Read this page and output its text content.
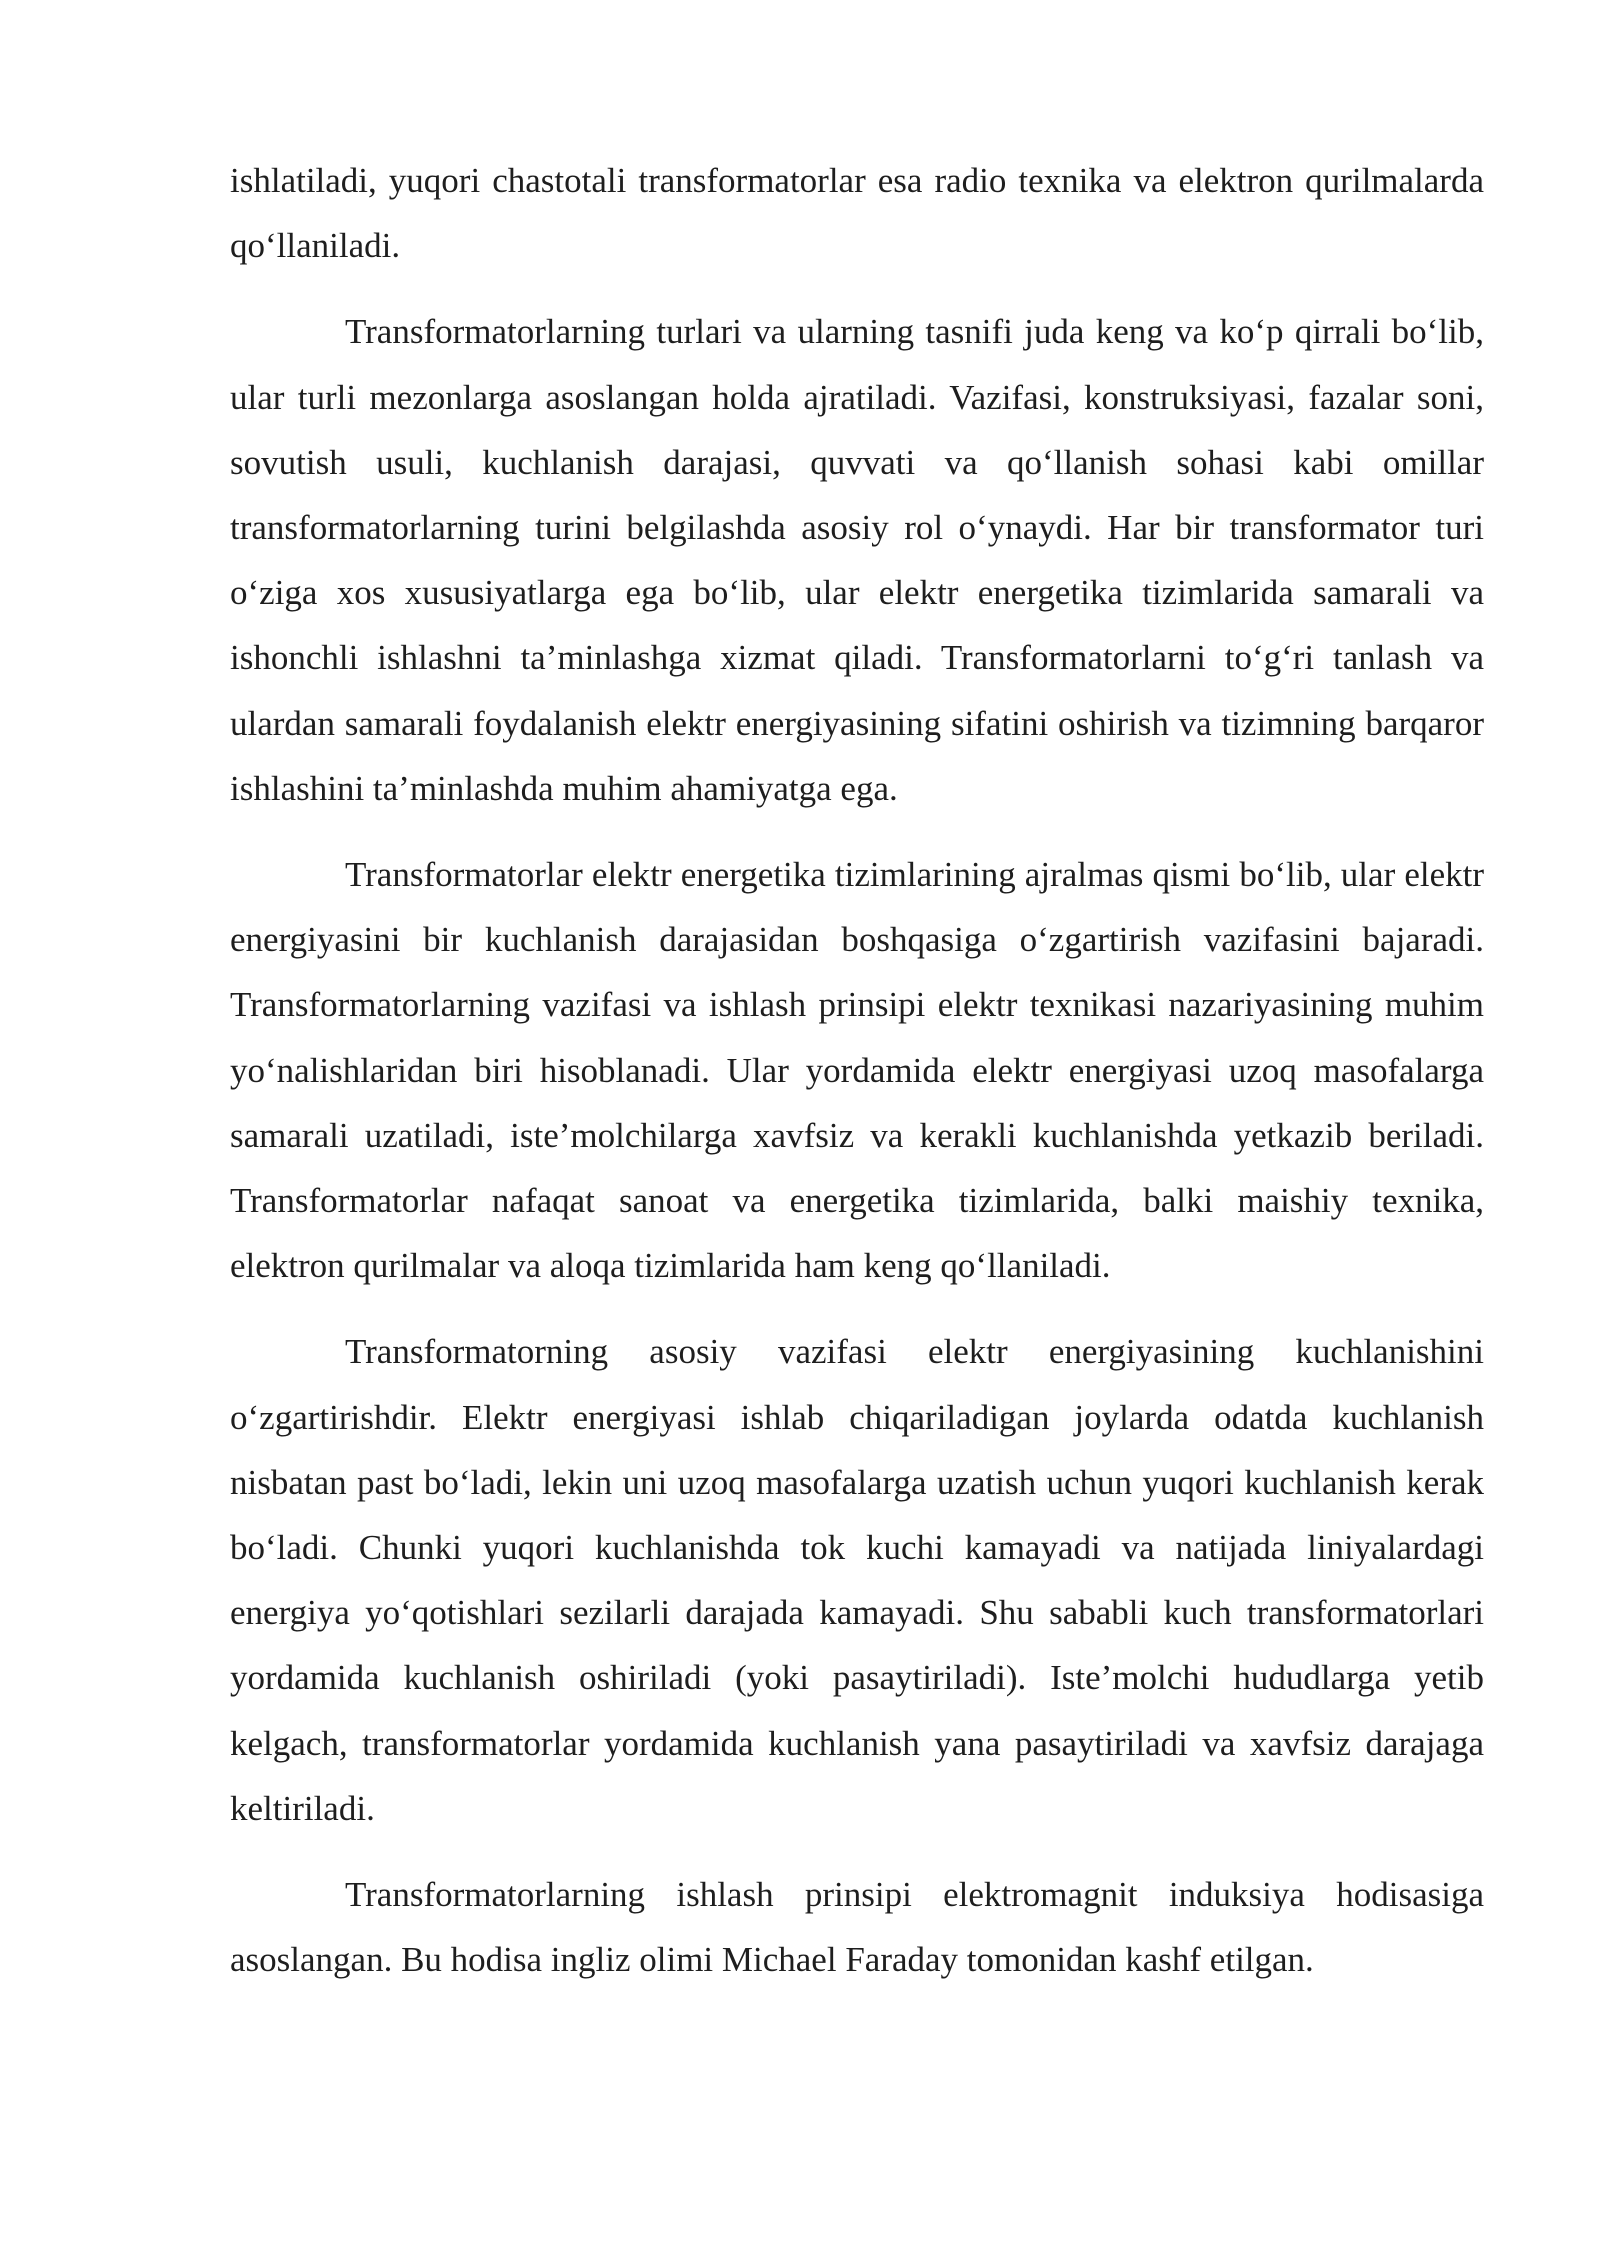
ishlatiladi, yuqori chastotali transformatorlar esa radio texnika va elektron qurilmalarda qo‘llaniladi.

Transformatorlarning turlari va ularning tasnifi juda keng va ko‘p qirrali bo‘lib, ular turli mezonlarga asoslangan holda ajratiladi. Vazifasi, konstruksiyasi, fazalar soni, sovutish usuli, kuchlanish darajasi, quvvati va qo‘llanish sohasi kabi omillar transformatorlarning turini belgilashda asosiy rol o‘ynaydi. Har bir transformator turi o‘ziga xos xususiyatlarga ega bo‘lib, ular elektr energetika tizimlarida samarali va ishonchli ishlashni ta’minlashga xizmat qiladi. Transformatorlarni to‘g‘ri tanlash va ulardan samarali foydalanish elektr energiyasining sifatini oshirish va tizimning barqaror ishlashini ta’minlashda muhim ahamiyatga ega.

Transformatorlar elektr energetika tizimlarining ajralmas qismi bo‘lib, ular elektr energiyasini bir kuchlanish darajasidan boshqasiga o‘zgartirish vazifasini bajaradi. Transformatorlarning vazifasi va ishlash prinsipi elektr texnikasi nazariyasining muhim yo‘nalishlaridan biri hisoblanadi. Ular yordamida elektr energiyasi uzoq masofalarga samarali uzatiladi, iste’molchilarga xavfsiz va kerakli kuchlanishda yetkazib beriladi. Transformatorlar nafaqat sanoat va energetika tizimlarida, balki maishiy texnika, elektron qurilmalar va aloqa tizimlarida ham keng qo‘llaniladi.

Transformatorning asosiy vazifasi elektr energiyasining kuchlanishini o‘zgartirishdir. Elektr energiyasi ishlab chiqariladigan joylarda odatda kuchlanish nisbatan past bo‘ladi, lekin uni uzoq masofalarga uzatish uchun yuqori kuchlanish kerak bo‘ladi. Chunki yuqori kuchlanishda tok kuchi kamayadi va natijada liniyalardagi energiya yo‘qotishlari sezilarli darajada kamayadi. Shu sababli kuch transformatorlari yordamida kuchlanish oshiriladi (yoki pasaytiriladi). Iste’molchi hududlarga yetib kelgach, transformatorlar yordamida kuchlanish yana pasaytiriladi va xavfsiz darajaga keltiriladi.

Transformatorlarning ishlash prinsipi elektromagnit induksiya hodisasiga asoslangan. Bu hodisa ingliz olimi Michael Faraday tomonidan kashf etilgan.
